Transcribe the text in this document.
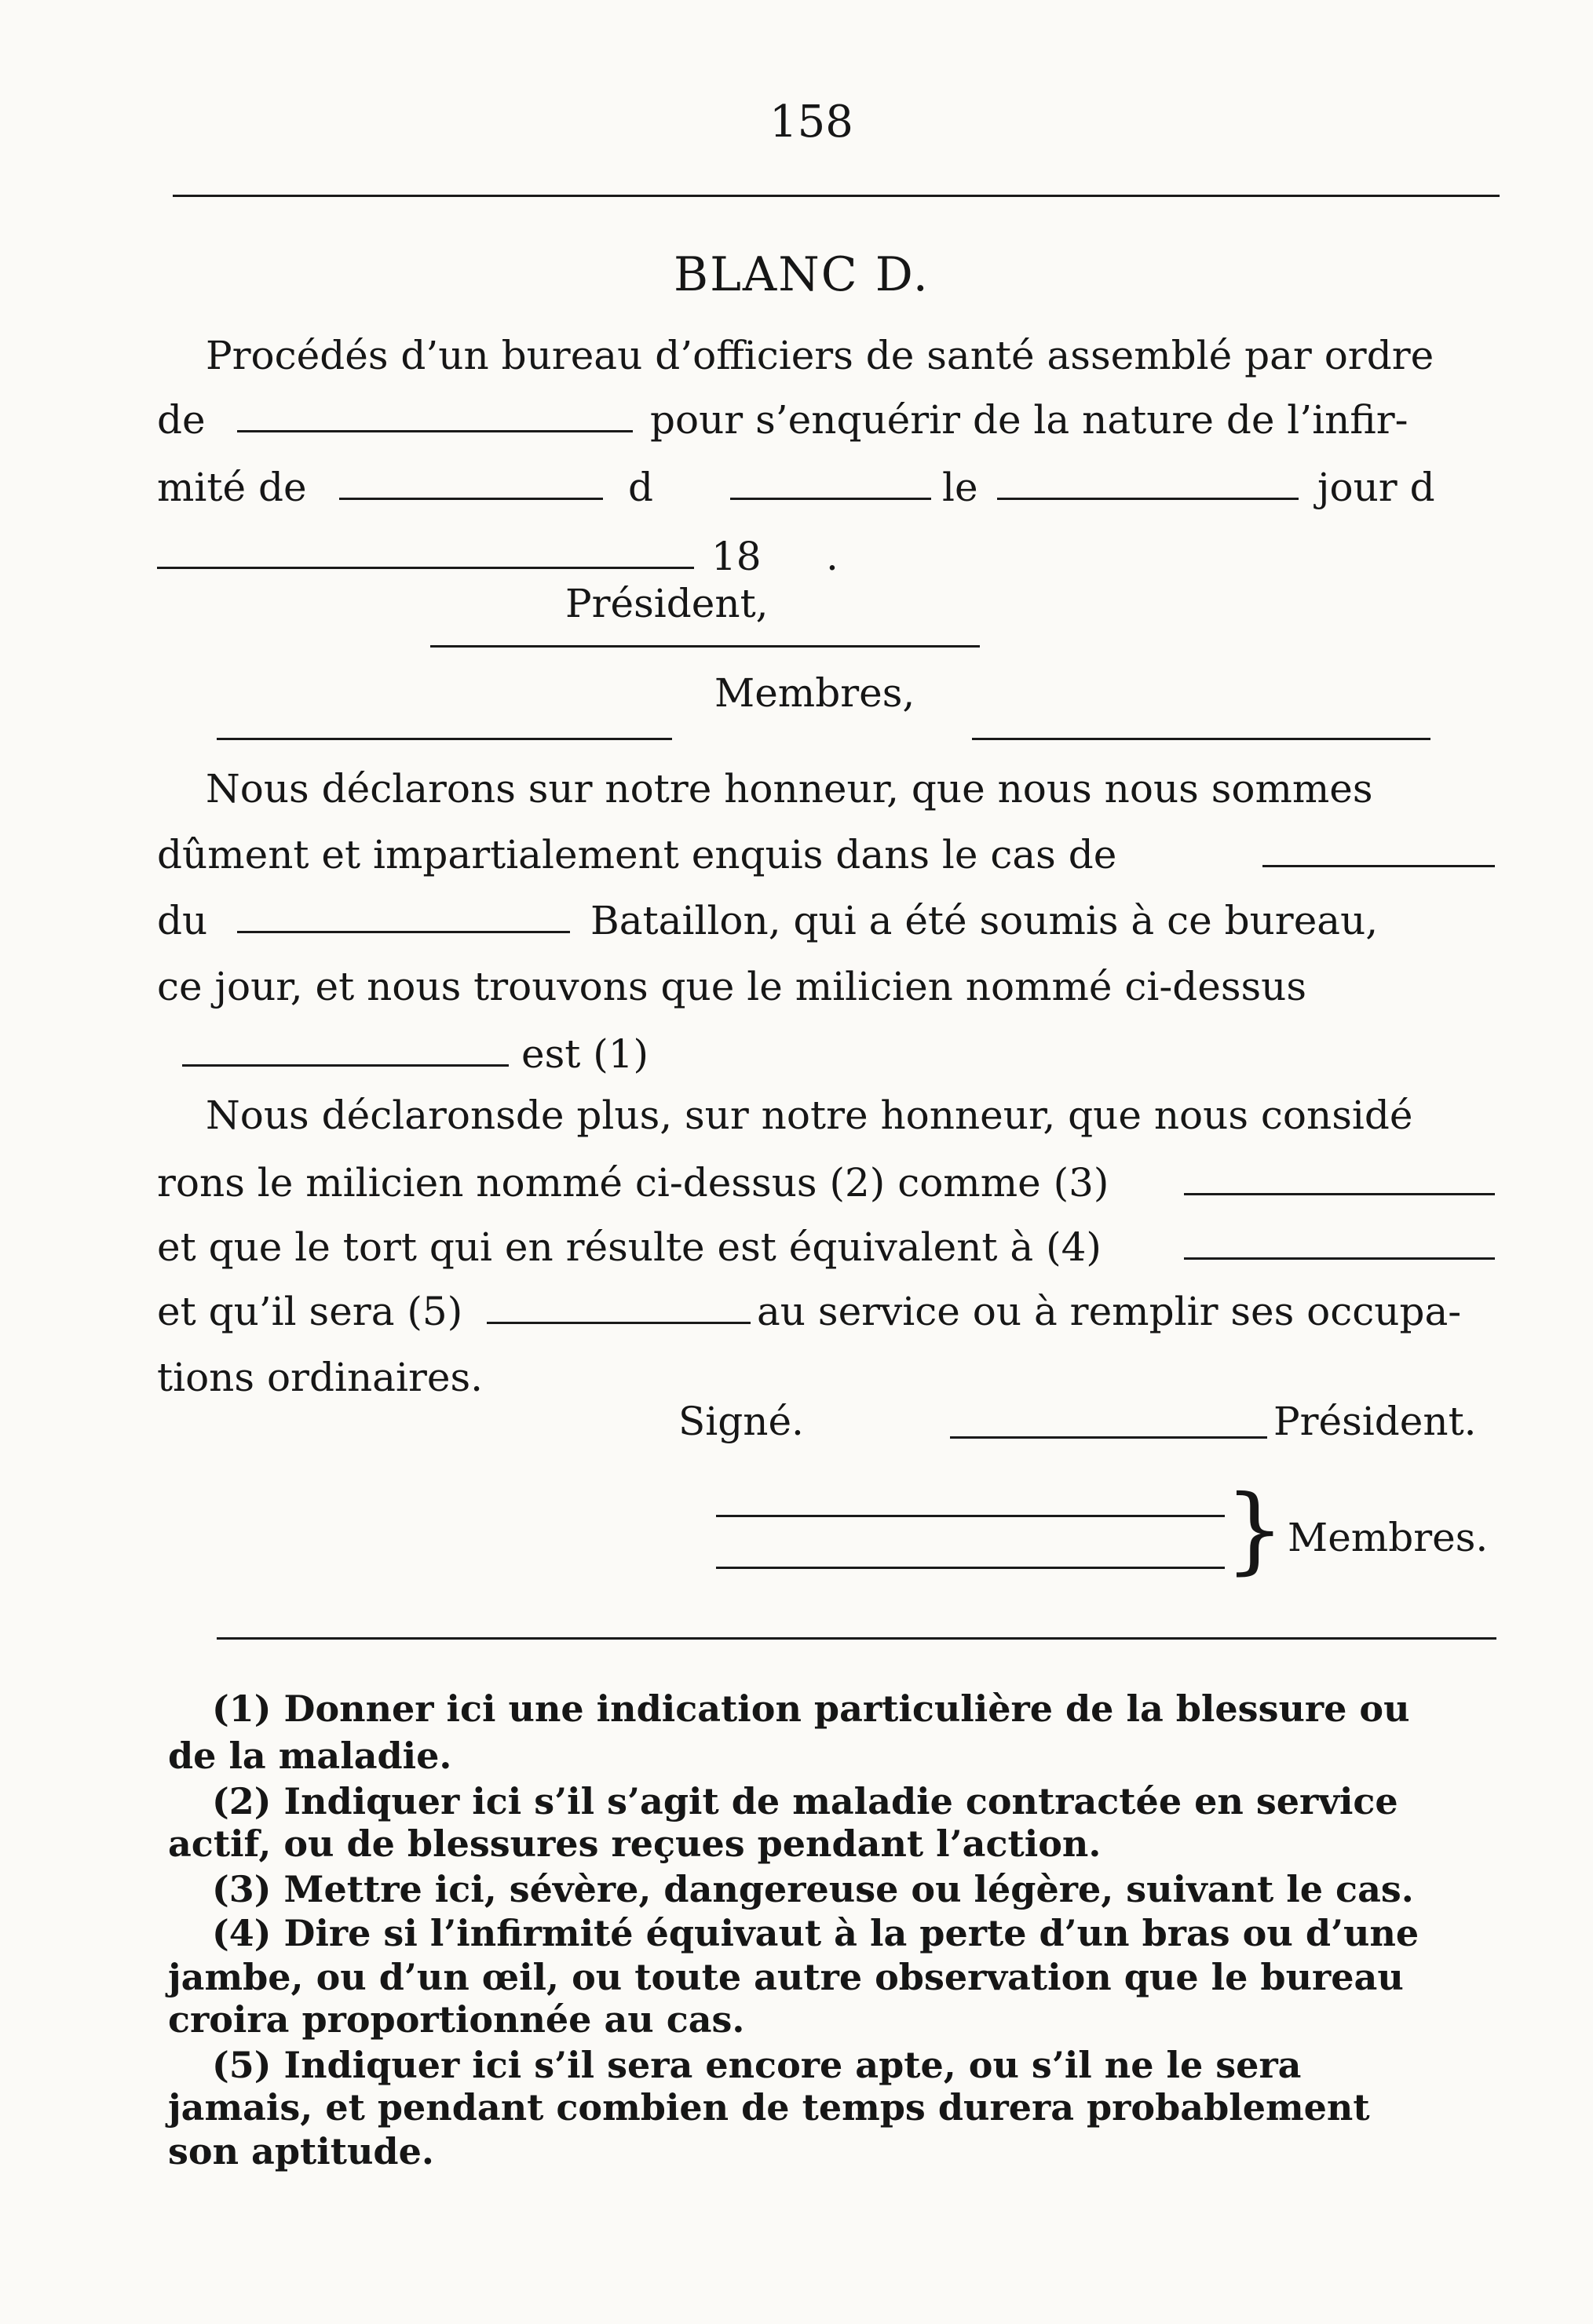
158
BLANC D.
Procédés d’un bureau d’officiers de santé assemblé par ordre
de	pour s’enquérir de la nature de l’infir-
mité de	d	le	jour d
18 .
Président,
Membres,
Nous déclarons sur notre honneur, que nous nous sommes
dûment et impartialement enquis dans le cas de
du	Bataillon, qui a été soumis à ce bureau,
ce jour, et nous trouvons que le milicien nommé ci-dessus
est (1)
Nous déclaronsde plus, sur notre honneur, que nous considé
rons le milicien nommé ci-dessus (2) comme (3)
et que le tort qui en résulte est équivalent à (4)
et qu’il sera (5)	au service ou à remplir ses occupa-
tions ordinaires.
Signé.	Président.
} Membres.
(1) Donner ici une indication particulière de la blessure ou
de la maladie.
(2) Indiquer ici s’il s’agit de maladie contractée en service
actif, ou de blessures reçues pendant l’action.
(3) Mettre ici, sévère, dangereuse ou légère, suivant le cas.
(4) Dire si l’infirmité équivaut à la perte d’un bras ou d’une
jambe, ou d’un œil, ou toute autre observation que le bureau
croira proportionnée au cas.
(5) Indiquer ici s’il sera encore apte, ou s’il ne le sera
jamais, et pendant combien de temps durera probablement
son aptitude.
